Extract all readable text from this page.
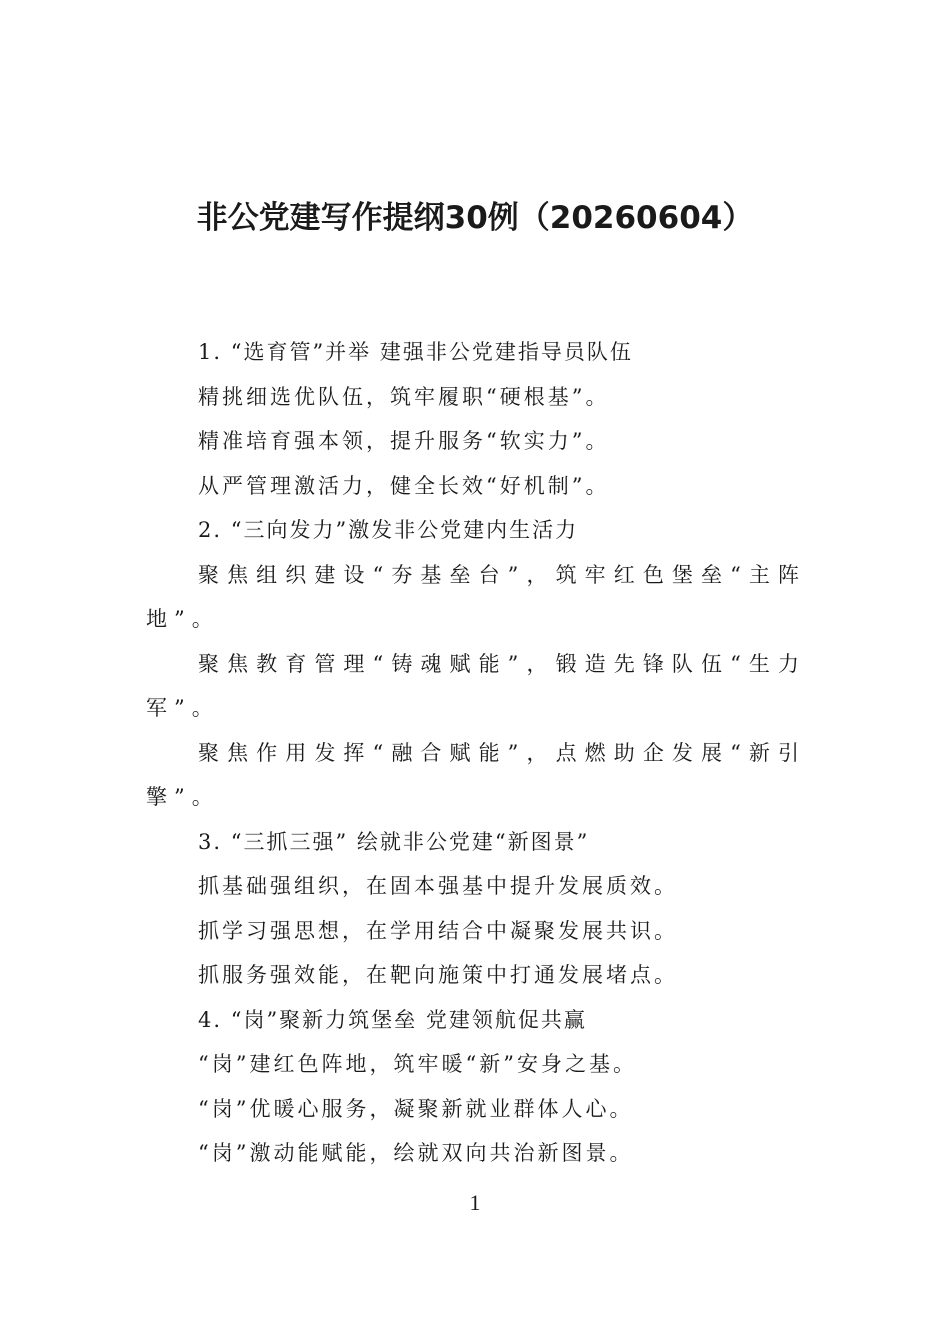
非公党建写作提纲30例（20260604）

1. “选育管”并举 建强非公党建指导员队伍

精挑细选优队伍，筑牢履职“硬根基”。

精准培育强本领，提升服务“软实力”。

从严管理激活力，健全长效“好机制”。

2. “三向发力”激发非公党建内生活力

聚焦组织建设“夯基垒台”，筑牢红色堡垒“主阵地”。

聚焦教育管理“铸魂赋能”，锻造先锋队伍“生力军”。

聚焦作用发挥“融合赋能”，点燃助企发展“新引擎”。

3. “三抓三强” 绘就非公党建“新图景”

抓基础强组织，在固本强基中提升发展质效。

抓学习强思想，在学用结合中凝聚发展共识。

抓服务强效能，在靶向施策中打通发展堵点。

4. “岗”聚新力筑堡垒 党建领航促共赢

“岗”建红色阵地，筑牢暖“新”安身之基。

“岗”优暖心服务，凝聚新就业群体人心。

“岗”激动能赋能，绘就双向共治新图景。

1
